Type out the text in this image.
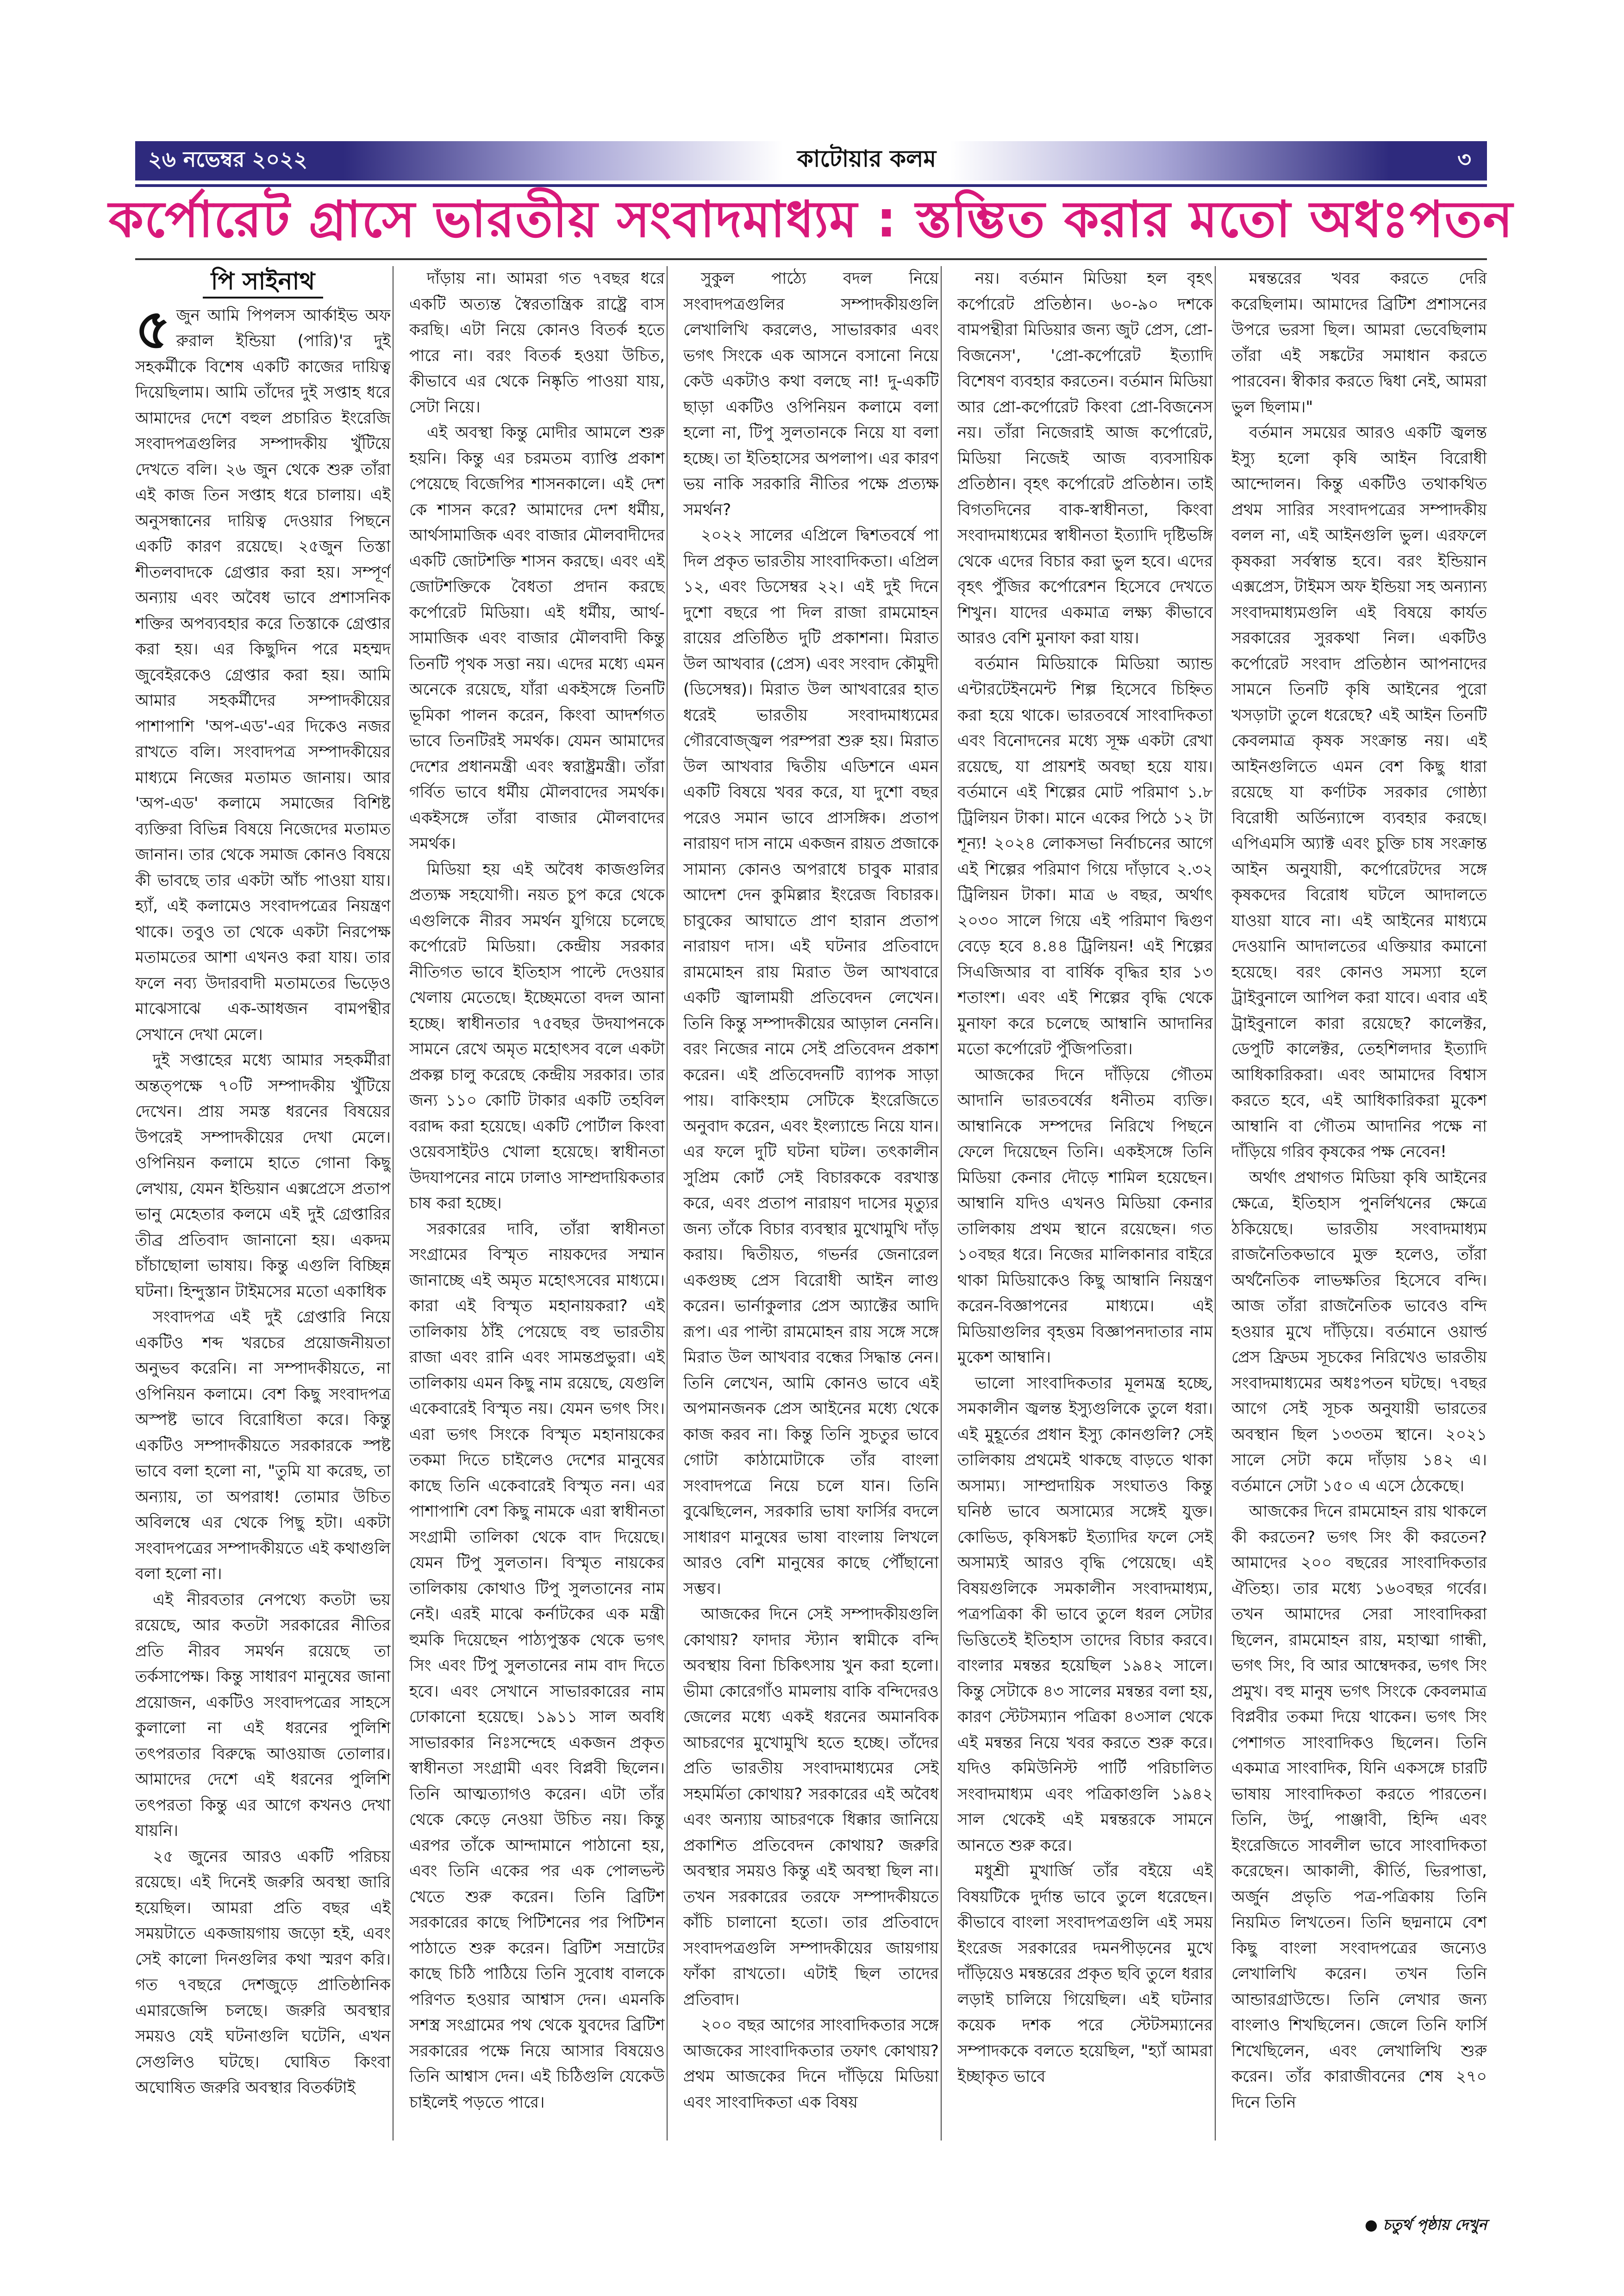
২৬ নভেম্বর ২০২২	কাটোয়ার কলম	৩
কর্পোরেট গ্রাসে ভারতীয় সংবাদমাধ্যম : স্তম্ভিত করার মতো অধঃপতন
পি সাইনাথ

৫ জুন আমি পিপলস আর্কাইভ অফ রুরাল ইন্ডিয়া (পারি)'র দুই সহকর্মীকে বিশেষ একটি কাজের দায়িত্ব দিয়েছিলাম। আমি তাঁদের দুই সপ্তাহ ধরে আমাদের দেশে বহুল প্রচারিত ইংরেজি সংবাদপত্রগুলির সম্পাদকীয় খুঁটিয়ে দেখতে বলি। ২৬ জুন থেকে শুরু তাঁরা এই কাজ তিন সপ্তাহ ধরে চালায়। এই অনুসন্ধানের দায়িত্ব দেওয়ার পিছনে একটি কারণ রয়েছে। ২৫জুন তিস্তা শীতলবাদকে গ্রেপ্তার করা হয়। সম্পূর্ণ অন্যায় এবং অবৈধ ভাবে প্রশাসনিক শক্তির অপব্যবহার করে তিস্তাকে গ্রেপ্তার করা হয়। এর কিছুদিন পরে মহম্মদ জুবেইরকেও গ্রেপ্তার করা হয়। আমি আমার সহকর্মীদের সম্পাদকীয়ের পাশাপাশি 'অপ-এড'-এর দিকেও নজর রাখতে বলি। সংবাদপত্র সম্পাদকীয়ের মাধ্যমে নিজের মতামত জানায়। আর 'অপ-এড' কলামে সমাজের বিশিষ্ট ব্যক্তিরা বিভিন্ন বিষয়ে নিজেদের মতামত জানান। তার থেকে সমাজ কোনও বিষয়ে কী ভাবছে তার একটা আঁচ পাওয়া যায়। হ্যাঁ, এই কলামেও সংবাদপত্রের নিয়ন্ত্রণ থাকে। তবুও তা থেকে একটা নিরপেক্ষ মতামতের আশা এখনও করা যায়। তার ফলে নব্য উদারবাদী মতামতের ভিড়েও মাঝেসাঝে এক-আধজন বামপন্থীর সেখানে দেখা মেলে।

দুই সপ্তাহের মধ্যে আমার সহকর্মীরা অন্তত্পক্ষে ৭০টি সম্পাদকীয় খুঁটিয়ে দেখেন। প্রায় সমস্ত ধরনের বিষয়ের উপরেই সম্পাদকীয়ের দেখা মেলে। ওপিনিয়ন কলামে হাতে গোনা কিছু লেখায়, যেমন ইন্ডিয়ান এক্সপ্রেসে প্রতাপ ভানু মেহেতার কলমে এই দুই গ্রেপ্তারির তীব্র প্রতিবাদ জানানো হয়। একদম চাঁচাছোলা ভাষায়। কিন্তু এগুলি বিচ্ছিন্ন ঘটনা। হিন্দুস্তান টাইমসের মতো একাধিক

সংবাদপত্র এই দুই গ্রেপ্তারি নিয়ে একটিও শব্দ খরচের প্রয়োজনীয়তা অনুভব করেনি। না সম্পাদকীয়তে, না ওপিনিয়ন কলামে। বেশ কিছু সংবাদপত্র অস্পষ্ট ভাবে বিরোধিতা করে। কিন্তু একটিও সম্পাদকীয়তে সরকারকে স্পষ্ট ভাবে বলা হলো না, "তুমি যা করেছ, তা অন্যায়, তা অপরাধ! তোমার উচিত অবিলম্বে এর থেকে পিছু হটা। একটা সংবাদপত্রের সম্পাদকীয়তে এই কথাগুলি বলা হলো না।

এই নীরবতার নেপথ্যে কতটা ভয় রয়েছে, আর কতটা সরকারের নীতির প্রতি নীরব সমর্থন রয়েছে তা তর্কসাপেক্ষ। কিন্তু সাধারণ মানুষের জানা প্রয়োজন, একটিও সংবাদপত্রের সাহসে কুলালো না এই ধরনের পুলিশি তৎপরতার বিরুদ্ধে আওয়াজ তোলার। আমাদের দেশে এই ধরনের পুলিশি তৎপরতা কিন্তু এর আগে কখনও দেখা যায়নি।

২৫ জুনের আরও একটি পরিচয় রয়েছে। এই দিনেই জরুরি অবস্থা জারি হয়েছিল। আমরা প্রতি বছর এই সময়টাতে একজায়গায় জড়ো হই, এবং সেই কালো দিনগুলির কথা স্মরণ করি। গত ৭বছরে দেশজুড়ে প্রাতিষ্ঠানিক এমারজেন্সি চলছে। জরুরি অবস্থার সময়ও যেই ঘটনাগুলি ঘটেনি, এখন সেগুলিও ঘটছে। ঘোষিত কিংবা অঘোষিত জরুরি অবস্থার বিতর্কটাই

দাঁড়ায় না। আমরা গত ৭বছর ধরে একটি অত্যন্ত স্বৈরতান্ত্রিক রাষ্ট্রে বাস করছি। এটা নিয়ে কোনও বিতর্ক হতে পারে না। বরং বিতর্ক হওয়া উচিত, কীভাবে এর থেকে নিষ্কৃতি পাওয়া যায়, সেটা নিয়ে।

এই অবস্থা কিন্তু মোদীর আমলে শুরু হয়নি। কিন্তু এর চরমতম ব্যাপ্তি প্রকাশ পেয়েছে বিজেপির শাসনকালে। এই দেশ কে শাসন করে? আমাদের দেশ ধর্মীয়, আর্থসামাজিক এবং বাজার মৌলবাদীদের একটি জোটশক্তি শাসন করছে। এবং এই জোটশক্তিকে বৈধতা প্রদান করছে কর্পোরেট মিডিয়া। এই ধর্মীয়, আর্থ-সামাজিক এবং বাজার মৌলবাদী কিন্তু তিনটি পৃথক সত্তা নয়। এদের মধ্যে এমন অনেকে রয়েছে, যাঁরা একইসঙ্গে তিনটি ভূমিকা পালন করেন, কিংবা আদর্শগত ভাবে তিনটিরই সমর্থক। যেমন আমাদের দেশের প্রধানমন্ত্রী এবং স্বরাষ্ট্রমন্ত্রী। তাঁরা গর্বিত ভাবে ধর্মীয় মৌলবাদের সমর্থক। একইসঙ্গে তাঁরা বাজার মৌলবাদের সমর্থক।

মিডিয়া হয় এই অবৈধ কাজগুলির প্রত্যক্ষ সহযোগী। নয়ত চুপ করে থেকে এগুলিকে নীরব সমর্থন যুগিয়ে চলেছে কর্পোরেট মিডিয়া। কেন্দ্রীয় সরকার নীতিগত ভাবে ইতিহাস পাল্টে দেওয়ার খেলায় মেতেছে। ইচ্ছেমতো বদল আনা হচ্ছে। স্বাধীনতার ৭৫বছর উদযাপনকে সামনে রেখে অমৃত মহোৎসব বলে একটা প্রকল্প চালু করেছে কেন্দ্রীয় সরকার। তার জন্য ১১০ কোটি টাকার একটি তহবিল বরাদ্দ করা হয়েছে। একটি পোর্টাল কিংবা ওয়েবসাইটও খোলা হয়েছে। স্বাধীনতা উদযাপনের নামে ঢালাও সাম্প্রদায়িকতার চাষ করা হচ্ছে।

সরকারের দাবি, তাঁরা স্বাধীনতা সংগ্রামের বিস্মৃত নায়কদের সম্মান জানাচ্ছে এই অমৃত মহোৎসবের মাধ্যমে। কারা এই বিস্মৃত মহানায়করা? এই তালিকায় ঠাঁই পেয়েছে বহু ভারতীয় রাজা এবং রানি এবং সামন্তপ্রভুরা। এই তালিকায় এমন কিছু নাম রয়েছে, যেগুলি একেবারেই বিস্মৃত নয়। যেমন ভগৎ সিং। এরা ভগৎ সিংকে বিস্মৃত মহানায়কের তকমা দিতে চাইলেও দেশের মানুষের কাছে তিনি একেবারেই বিস্মৃত নন। এর পাশাপাশি বেশ কিছু নামকে এরা স্বাধীনতা সংগ্রামী তালিকা থেকে বাদ দিয়েছে। যেমন টিপু সুলতান। বিস্মৃত নায়কের তালিকায় কোথাও টিপু সুলতানের নাম নেই। এরই মাঝে কর্নাটকের এক মন্ত্রী হুমকি দিয়েছেন পাঠ্যপুস্তক থেকে ভগৎ সিং এবং টিপু সুলতানের নাম বাদ দিতে হবে। এবং সেখানে সাভারকারের নাম ঢোকানো হয়েছে। ১৯১১ সাল অবধি সাভারকার নিঃসন্দেহে একজন প্রকৃত স্বাধীনতা সংগ্রামী এবং বিপ্লবী ছিলেন। তিনি আত্মত্যাগও করেন। এটা তাঁর থেকে কেড়ে নেওয়া উচিত নয়। কিন্তু এরপর তাঁকে আন্দামানে পাঠানো হয়, এবং তিনি একের পর এক পোলভল্ট খেতে শুরু করেন। তিনি ব্রিটিশ সরকারের কাছে পিটিশনের পর পিটিশন পাঠাতে শুরু করেন। ব্রিটিশ সম্রাটের কাছে চিঠি পাঠিয়ে তিনি সুবোধ বালকে পরিণত হওয়ার আশ্বাস দেন। এমনকি সশস্ত্র সংগ্রামের পথ থেকে যুবদের ব্রিটিশ সরকারের পক্ষে নিয়ে আসার বিষয়েও তিনি আশ্বাস দেন। এই চিঠিগুলি যেকেউ চাইলেই পড়তে পারে।

সুকুল পাঠ্যে বদল নিয়ে সংবাদপত্রগুলির সম্পাদকীয়গুলি লেখালিখি করলেও, সাভারকার এবং ভগৎ সিংকে এক আসনে বসানো নিয়ে কেউ একটাও কথা বলছে না! দু-একটি ছাড়া একটিও ওপিনিয়ন কলামে বলা হলো না, টিপু সুলতানকে নিয়ে যা বলা হচ্ছে। তা ইতিহাসের অপলাপ। এর কারণ ভয় নাকি সরকারি নীতির পক্ষে প্রত্যক্ষ সমর্থন?

২০২২ সালের এপ্রিলে দ্বিশতবর্ষে পা দিল প্রকৃত ভারতীয় সাংবাদিকতা। এপ্রিল ১২, এবং ডিসেম্বর ২২। এই দুই দিনে দুশো বছরে পা দিল রাজা রামমোহন রায়ের প্রতিষ্ঠিত দুটি প্রকাশনা। মিরাত উল আখবার (প্রেস) এবং সংবাদ কৌমুদী (ডিসেম্বর)। মিরাত উল আখবারের হাত ধরেই ভারতীয় সংবাদমাধ্যমের গৌরবোজ্জ্বল পরম্পরা শুরু হয়। মিরাত উল আখবার দ্বিতীয় এডিশনে এমন একটি বিষয়ে খবর করে, যা দুশো বছর পরেও সমান ভাবে প্রাসঙ্গিক। প্রতাপ নারায়ণ দাস নামে একজন রায়ত প্রজাকে সামান্য কোনও অপরাধে চাবুক মারার আদেশ দেন কুমিল্লার ইংরেজ বিচারক। চাবুকের আঘাতে প্রাণ হারান প্রতাপ নারায়ণ দাস। এই ঘটনার প্রতিবাদে রামমোহন রায় মিরাত উল আখবারে একটি জ্বালাময়ী প্রতিবেদন লেখেন। তিনি কিন্তু সম্পাদকীয়ের আড়াল নেননি। বরং নিজের নামে সেই প্রতিবেদন প্রকাশ করেন। এই প্রতিবেদনটি ব্যাপক সাড়া পায়। বাকিংহাম সেটিকে ইংরেজিতে অনুবাদ করেন, এবং ইংল্যান্ডে নিয়ে যান। এর ফলে দুটি ঘটনা ঘটল। তৎকালীন সুপ্রিম কোর্ট সেই বিচারককে বরখাস্ত করে, এবং প্রতাপ নারায়ণ দাসের মৃত্যুর জন্য তাঁকে বিচার ব্যবস্থার মুখোমুখি দাঁড় করায়। দ্বিতীয়ত, গভর্নর জেনারেল একগুচ্ছ প্রেস বিরোধী আইন লাগু করেন। ভার্নাকুলার প্রেস অ্যাক্টের আদি রূপ। এর পাল্টা রামমোহন রায় সঙ্গে সঙ্গে মিরাত উল আখবার বন্ধের সিদ্ধান্ত নেন। তিনি লেখেন, আমি কোনও ভাবে এই অপমানজনক প্রেস আইনের মধ্যে থেকে কাজ করব না। কিন্তু তিনি সুচতুর ভাবে গোটা কাঠামোটাকে তাঁর বাংলা সংবাদপত্রে নিয়ে চলে যান। তিনি বুঝেছিলেন, সরকারি ভাষা ফার্সির বদলে সাধারণ মানুষের ভাষা বাংলায় লিখলে আরও বেশি মানুষের কাছে পৌঁছানো সম্ভব।

আজকের দিনে সেই সম্পাদকীয়গুলি কোথায়? ফাদার স্ট্যান স্বামীকে বন্দি অবস্থায় বিনা চিকিৎসায় খুন করা হলো। ভীমা কোরেগাঁও মামলায় বাকি বন্দিদেরও জেলের মধ্যে একই ধরনের অমানবিক আচরণের মুখোমুখি হতে হচ্ছে। তাঁদের প্রতি ভারতীয় সংবাদমাধ্যমের সেই সহমর্মিতা কোথায়? সরকারের এই অবৈধ এবং অন্যায় আচরণকে ধিক্কার জানিয়ে প্রকাশিত প্রতিবেদন কোথায়? জরুরি অবস্থার সময়ও কিন্তু এই অবস্থা ছিল না। তখন সরকারের তরফে সম্পাদকীয়তে কাঁচি চালানো হতো। তার প্রতিবাদে সংবাদপত্রগুলি সম্পাদকীয়ের জায়গায় ফাঁকা রাখতো। এটাই ছিল তাদের প্রতিবাদ।

২০০ বছর আগের সাংবাদিকতার সঙ্গে আজকের সাংবাদিকতার তফাৎ কোথায়? প্রথম আজকের দিনে দাঁড়িয়ে মিডিয়া এবং সাংবাদিকতা এক বিষয়

নয়। বর্তমান মিডিয়া হল বৃহৎ কর্পোরেট প্রতিষ্ঠান। ৬০-৯০ দশকে বামপন্থীরা মিডিয়ার জন্য জুট প্রেস, প্রো-বিজনেস', 'প্রো-কর্পোরেট ইত্যাদি বিশেষণ ব্যবহার করতেন। বর্তমান মিডিয়া আর প্রো-কর্পোরেট কিংবা প্রো-বিজনেস নয়। তাঁরা নিজেরাই আজ কর্পোরেট, মিডিয়া নিজেই আজ ব্যবসায়িক প্রতিষ্ঠান। বৃহৎ কর্পোরেট প্রতিষ্ঠান। তাই বিগতদিনের বাক-স্বাধীনতা, কিংবা সংবাদমাধ্যমের স্বাধীনতা ইত্যাদি দৃষ্টিভঙ্গি থেকে এদের বিচার করা ভুল হবে। এদের বৃহৎ পুঁজির কর্পোরেশন হিসেবে দেখতে শিখুন। যাদের একমাত্র লক্ষ্য কীভাবে আরও বেশি মুনাফা করা যায়।

বর্তমান মিডিয়াকে মিডিয়া অ্যান্ড এন্টারটেইনমেন্ট শিল্প হিসেবে চিহ্নিত করা হয়ে থাকে। ভারতবর্ষে সাংবাদিকতা এবং বিনোদনের মধ্যে সূক্ষ একটা রেখা রয়েছে, যা প্রায়শই অবছা হয়ে যায়। বর্তমানে এই শিল্পের মোট পরিমাণ ১.৮ ট্রিলিয়ন টাকা। মানে একের পিঠে ১২ টা শূন্য! ২০২৪ লোকসভা নির্বাচনের আগে এই শিল্পের পরিমাণ গিয়ে দাঁড়াবে ২.৩২ ট্রিলিয়ন টাকা। মাত্র ৬ বছর, অর্থাৎ ২০৩০ সালে গিয়ে এই পরিমাণ দ্বিগুণ বেড়ে হবে ৪.৪৪ ট্রিলিয়ন! এই শিল্পের সিএজিআর বা বার্ষিক বৃদ্ধির হার ১৩ শতাংশ। এবং এই শিল্পের বৃদ্ধি থেকে মুনাফা করে চলেছে আম্বানি আদানির মতো কর্পোরেট পুঁজিপতিরা।

আজকের দিনে দাঁড়িয়ে গৌতম আদানি ভারতবর্ষের ধনীতম ব্যক্তি। আম্বানিকে সম্পদের নিরিখে পিছনে ফেলে দিয়েছেন তিনি। একইসঙ্গে তিনি মিডিয়া কেনার দৌড়ে শামিল হয়েছেন। আম্বানি যদিও এখনও মিডিয়া কেনার তালিকায় প্রথম স্থানে রয়েছেন। গত ১০বছর ধরে। নিজের মালিকানার বাইরে থাকা মিডিয়াকেও কিছু আম্বানি নিয়ন্ত্রণ করেন-বিজ্ঞাপনের মাধ্যমে। এই মিডিয়াগুলির বৃহত্তম বিজ্ঞাপনদাতার নাম মুকেশ আম্বানি।

ভালো সাংবাদিকতার মূলমন্ত্র হচ্ছে, সমকালীন জ্বলন্ত ইস্যুগুলিকে তুলে ধরা। এই মুহূর্তের প্রধান ইস্যু কোনগুলি? সেই তালিকায় প্রথমেই থাকছে বাড়তে থাকা অসাম্য। সাম্প্রদায়িক সংঘাতও কিন্তু ঘনিষ্ঠ ভাবে অসাম্যের সঙ্গেই যুক্ত। কোভিড, কৃষিসঙ্কট ইত্যাদির ফলে সেই অসাম্যই আরও বৃদ্ধি পেয়েছে। এই বিষয়গুলিকে সমকালীন সংবাদমাধ্যম, পত্রপত্রিকা কী ভাবে তুলে ধরল সেটার ভিত্তিতেই ইতিহাস তাদের বিচার করবে। বাংলার মন্বন্তর হয়েছিল ১৯৪২ সালে। কিন্তু সেটাকে ৪৩ সালের মন্বন্তর বলা হয়, কারণ স্টেটসম্যান পত্রিকা ৪৩সাল থেকে এই মন্বন্তর নিয়ে খবর করতে শুরু করে। যদিও কমিউনিস্ট পার্টি পরিচালিত সংবাদমাধ্যম এবং পত্রিকাগুলি ১৯৪২ সাল থেকেই এই মন্বন্তরকে সামনে আনতে শুরু করে।

মধুশ্রী মুখার্জি তাঁর বইয়ে এই বিষয়টিকে দুর্দান্ত ভাবে তুলে ধরেছেন। কীভাবে বাংলা সংবাদপত্রগুলি এই সময় ইংরেজ সরকারের দমনপীড়নের মুখে দাঁড়িয়েও মন্বন্তরের প্রকৃত ছবি তুলে ধরার লড়াই চালিয়ে গিয়েছিল। এই ঘটনার কয়েক দশক পরে স্টেটসম্যানের সম্পাদককে বলতে হয়েছিল, "হ্যাঁ আমরা ইচ্ছাকৃত ভাবে

মন্বন্তরের খবর করতে দেরি করেছিলাম। আমাদের ব্রিটিশ প্রশাসনের উপরে ভরসা ছিল। আমরা ভেবেছিলাম তাঁরা এই সঙ্কটের সমাধান করতে পারবেন। স্বীকার করতে দ্বিধা নেই, আমরা ভুল ছিলাম।"

বর্তমান সময়ের আরও একটি জ্বলন্ত ইস্যু হলো কৃষি আইন বিরোধী আন্দোলন। কিন্তু একটিও তথাকথিত প্রথম সারির সংবাদপত্রের সম্পাদকীয় বলল না, এই আইনগুলি ভুল। এরফলে কৃষকরা সর্বস্বান্ত হবে। বরং ইন্ডিয়ান এক্সপ্রেস, টাইমস অফ ইন্ডিয়া সহ অন্যান্য সংবাদমাধ্যমগুলি এই বিষয়ে কার্যত সরকারের সুরকথা নিল। একটিও কর্পোরেট সংবাদ প্রতিষ্ঠান আপনাদের সামনে তিনটি কৃষি আইনের পুরো খসড়াটা তুলে ধরেছে? এই আইন তিনটি কেবলমাত্র কৃষক সংক্রান্ত নয়। এই আইনগুলিতে এমন বেশ কিছু ধারা রয়েছে যা কর্ণাটক সরকার গোষ্ঠ্যা বিরোধী অর্ডিন্যান্সে ব্যবহার করছে। এপিএমসি অ্যাক্ট এবং চুক্তি চাষ সংক্রান্ত আইন অনুযায়ী, কর্পোরেটদের সঙ্গে কৃষকদের বিরোধ ঘটলে আদালতে যাওয়া যাবে না। এই আইনের মাধ্যমে দেওয়ানি আদালতের এক্তিয়ার কমানো হয়েছে। বরং কোনও সমস্যা হলে ট্রাইবুনালে আপিল করা যাবে। এবার এই ট্রাইবুনালে কারা রয়েছে? কালেক্টর, ডেপুটি কালেক্টর, তেহশিলদার ইত্যাদি আধিকারিকরা। এবং আমাদের বিশ্বাস করতে হবে, এই আধিকারিকরা মুকেশ আম্বানি বা গৌতম আদানির পক্ষে না দাঁড়িয়ে গরিব কৃষকের পক্ষ নেবেন!

অর্থাৎ প্রথাগত মিডিয়া কৃষি আইনের ক্ষেত্রে, ইতিহাস পুনর্লিখনের ক্ষেত্রে ঠকিয়েছে। ভারতীয় সংবাদমাধ্যম রাজনৈতিকভাবে মুক্ত হলেও, তাঁরা অর্থনৈতিক লাভক্ষতির হিসেবে বন্দি। আজ তাঁরা রাজনৈতিক ভাবেও বন্দি হওয়ার মুখে দাঁড়িয়ে। বর্তমানে ওয়ার্ল্ড প্রেস ফ্রিডম সূচকের নিরিখেও ভারতীয় সংবাদমাধ্যমের অধঃপতন ঘটছে। ৭বছর আগে সেই সূচক অনুযায়ী ভারতের অবস্থান ছিল ১৩৩তম স্থানে। ২০২১ সালে সেটা কমে দাঁড়ায় ১৪২ এ। বর্তমানে সেটা ১৫০ এ এসে ঠেকেছে।

আজকের দিনে রামমোহন রায় থাকলে কী করতেন? ভগৎ সিং কী করতেন? আমাদের ২০০ বছরের সাংবাদিকতার ঐতিহ্য। তার মধ্যে ১৬০বছর গর্বের। তখন আমাদের সেরা সাংবাদিকরা ছিলেন, রামমোহন রায়, মহাত্মা গান্ধী, ভগৎ সিং, বি আর আম্বেদকর, ভগৎ সিং প্রমুখ। বহু মানুষ ভগৎ সিংকে কেবলমাত্র বিপ্লবীর তকমা দিয়ে থাকেন। ভগৎ সিং পেশাগত সাংবাদিকও ছিলেন। তিনি একমাত্র সাংবাদিক, যিনি একসঙ্গে চারটি ভাষায় সাংবাদিকতা করতে পারতেন। তিনি, উর্দু, পাঞ্জাবী, হিন্দি এবং ইংরেজিতে সাবলীল ভাবে সাংবাদিকতা করেছেন। আকালী, কীর্তি, ভিরপাত্তা, অর্জুন প্রভৃতি পত্র-পত্রিকায় তিনি নিয়মিত লিখতেন। তিনি ছদ্মনামে বেশ কিছু বাংলা সংবাদপত্রের জন্যেও লেখালিখি করেন। তখন তিনি আন্ডারগ্রাউন্ডে। তিনি লেখার জন্য বাংলাও শিখছিলেন। জেলে তিনি ফার্সি শিখেছিলেন, এবং লেখালিখি শুরু করেন। তাঁর কারাজীবনের শেষ ২৭০ দিনে তিনি

● চতুর্থ পৃষ্ঠায় দেখুন
